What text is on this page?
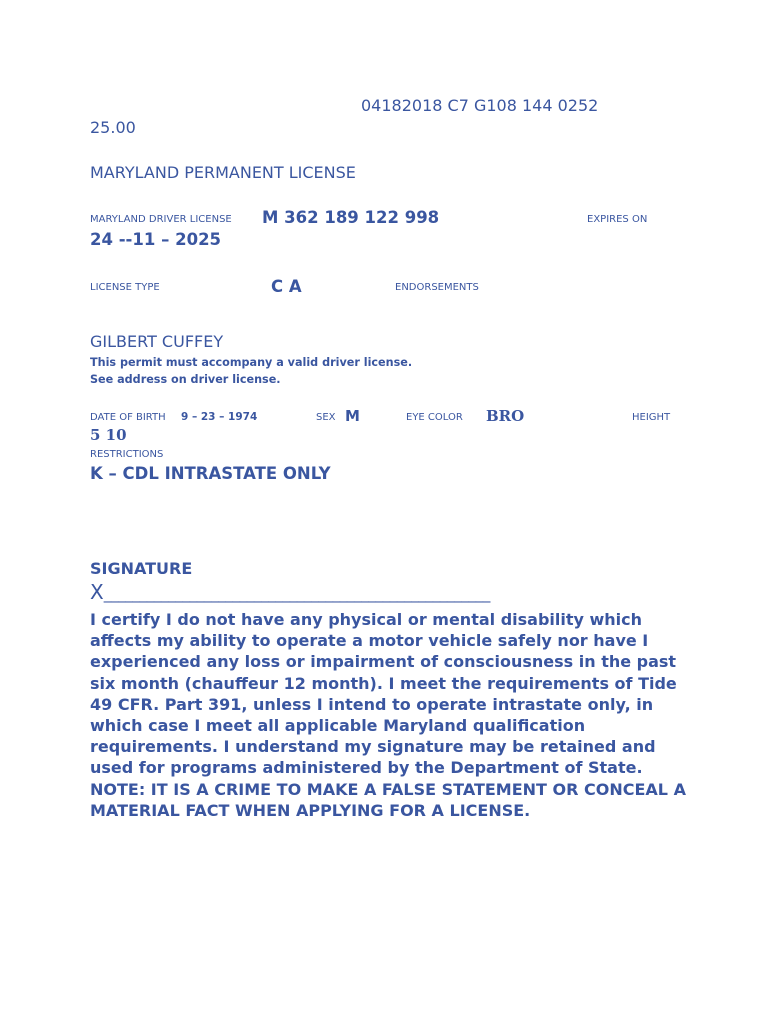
04182018 C7 G108 144 0252
25.00
MARYLAND PERMANENT LICENSE
MARYLAND DRIVER LICENSE M 362 189 122 998	EXPIRES ON
24 --11 – 2025
LICENSE TYPE	C A	ENDORSEMENTS
GILBERT CUFFEY
This permit must accompany a valid driver license.
See address on driver license.
DATE OF BIRTH 9 – 23 – 1974	SEX M	EYE COLOR BRO	HEIGHT
5 10
RESTRICTIONS
K – CDL INTRASTATE ONLY
SIGNATURE
X______________________________________________________

I certify I do not have any physical or mental disability which affects my ability to operate a motor vehicle safely nor have I experienced any loss or impairment of consciousness in the past six month (chauffeur 12 month). I meet the requirements of Tide 49 CFR. Part 391, unless I intend to operate intrastate only, in which case I meet all applicable Maryland qualification requirements. I understand my signature may be retained and used for programs administered by the Department of State.

NOTE: IT IS A CRIME TO MAKE A FALSE STATEMENT OR CONCEAL A MATERIAL FACT WHEN APPLYING FOR A LICENSE.
